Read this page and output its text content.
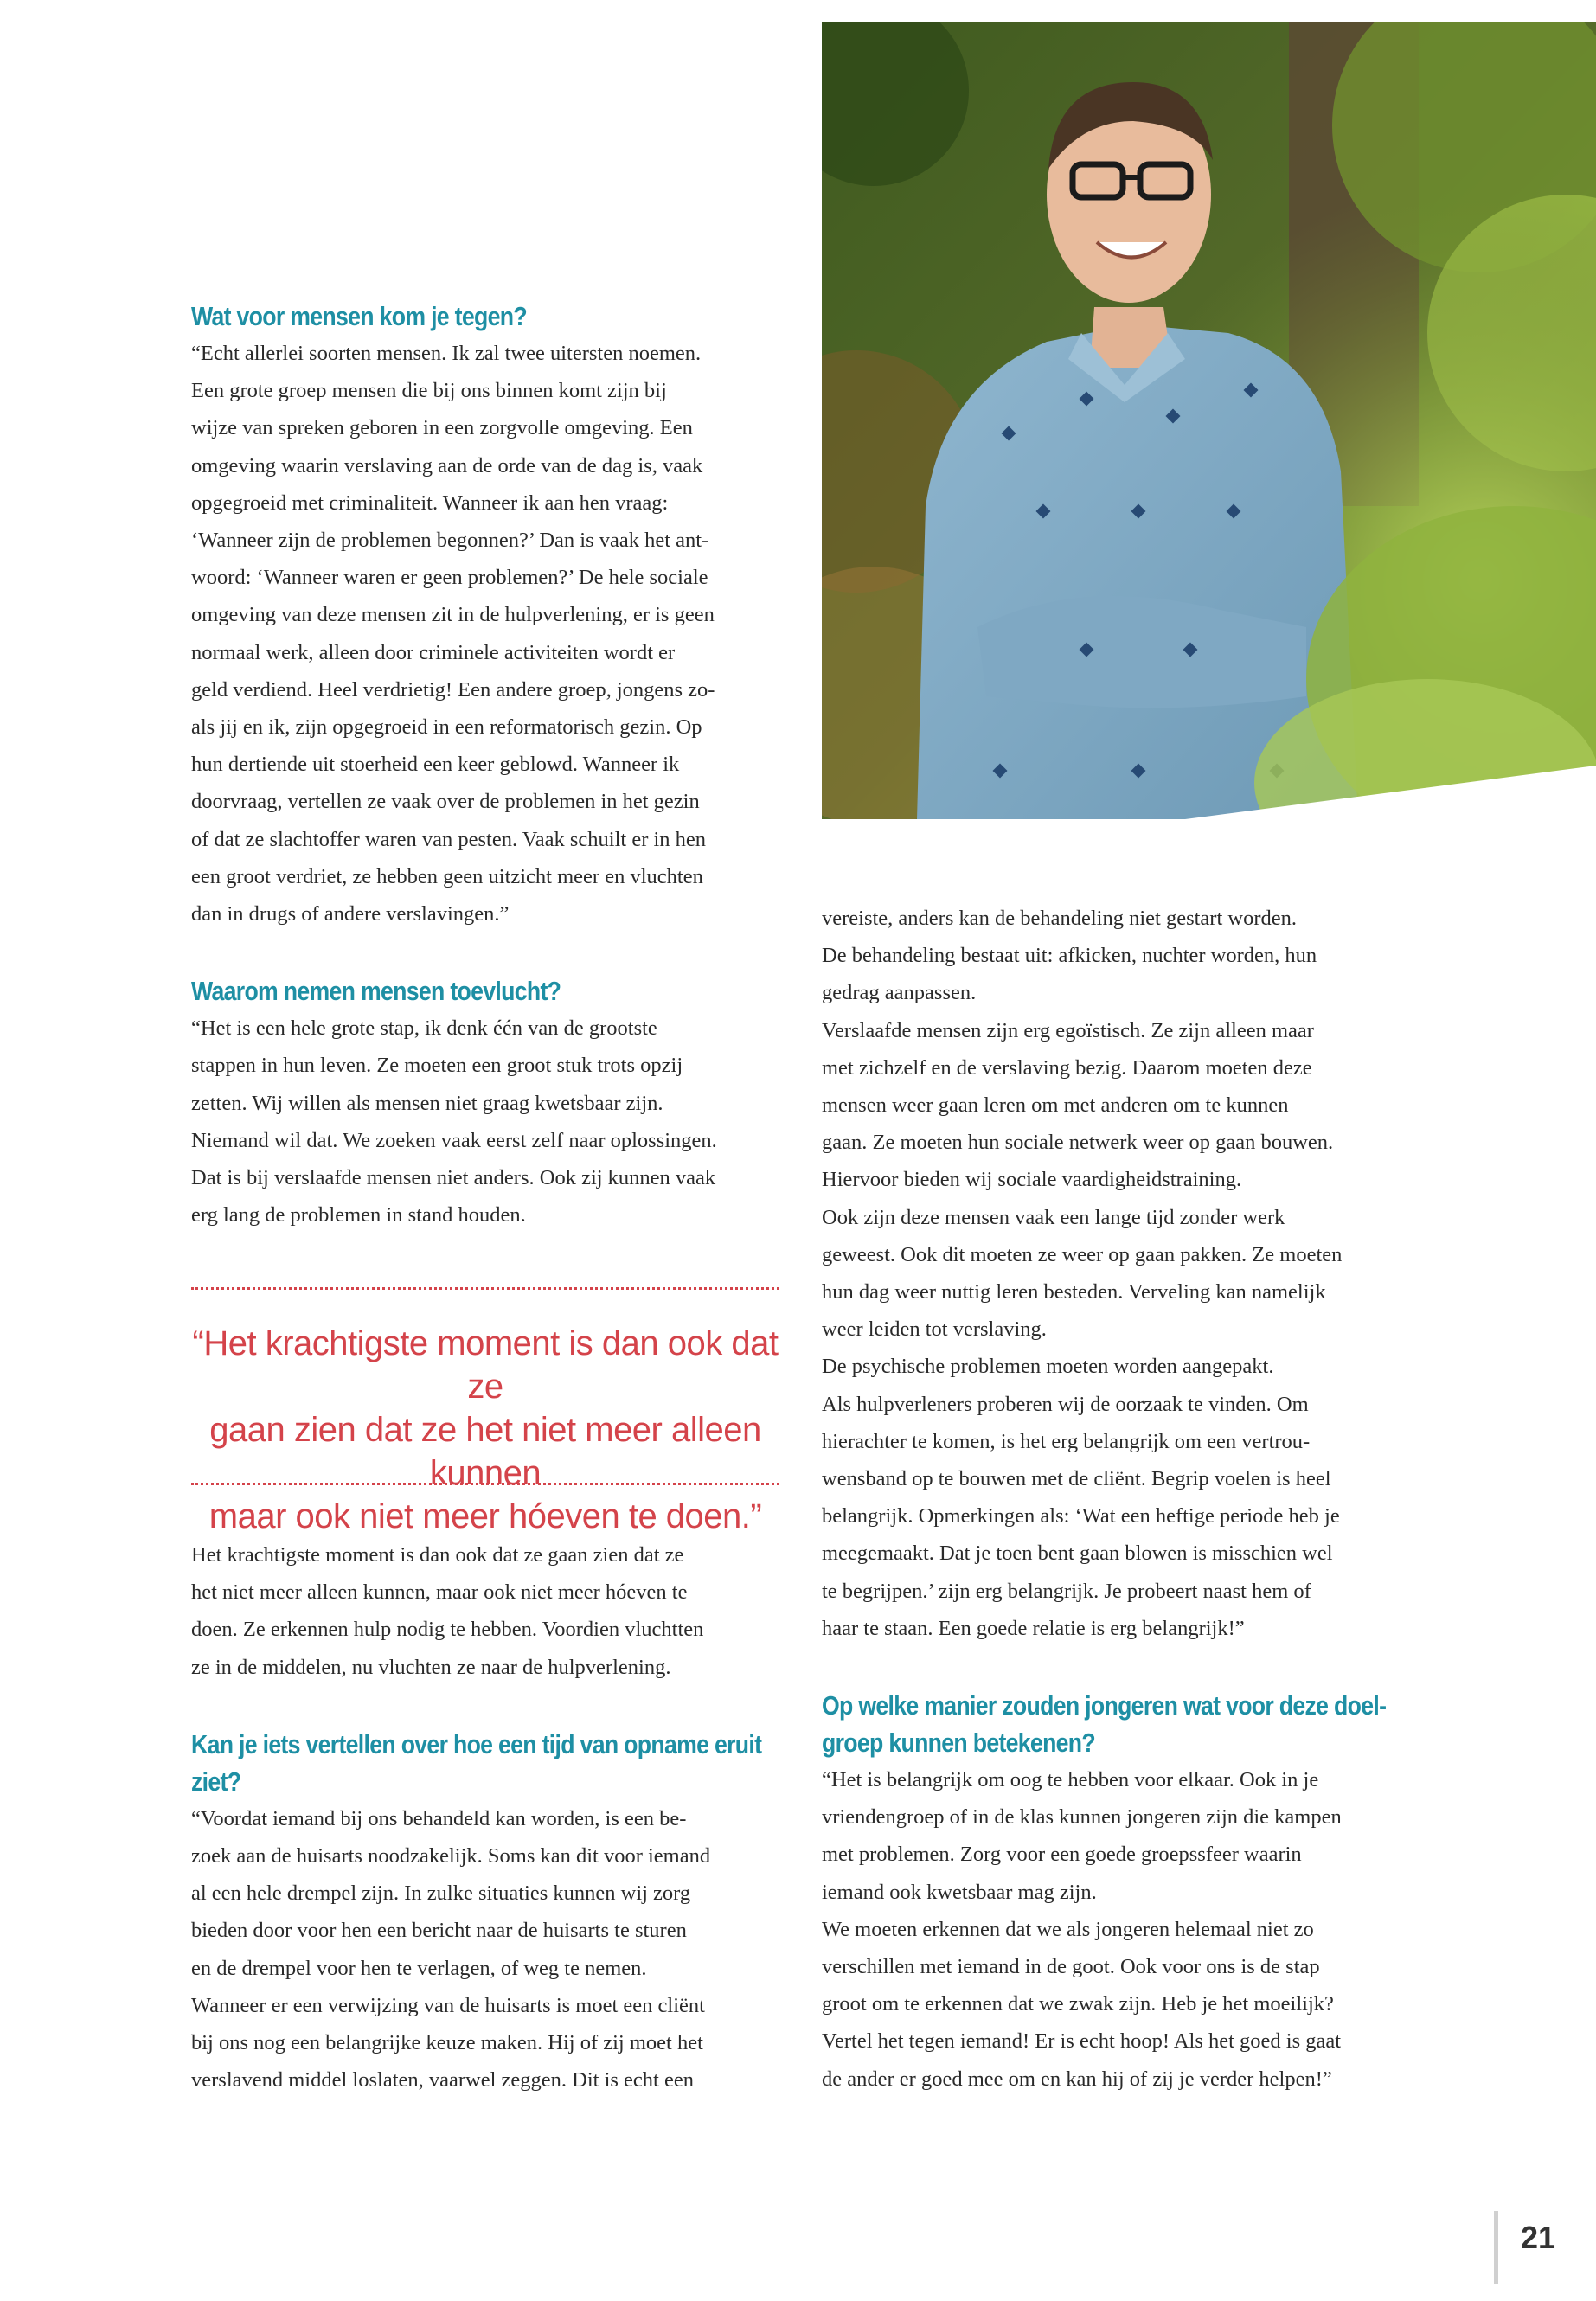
Wat voor mensen kom je tegen?

“Echt allerlei soorten mensen. Ik zal twee uitersten noemen.
Een grote groep mensen die bij ons binnen komt zijn bij
wijze van spreken geboren in een zorgvolle omgeving. Een
omgeving waarin verslaving aan de orde van de dag is, vaak
opgegroeid met criminaliteit. Wanneer ik aan hen vraag:
‘Wanneer zijn de problemen begonnen?’ Dan is vaak het ant-
woord: ‘Wanneer waren er geen problemen?’ De hele sociale
omgeving van deze mensen zit in de hulpverlening, er is geen
normaal werk, alleen door criminele activiteiten wordt er
geld verdiend. Heel verdrietig! Een andere groep, jongens zo-
als jij en ik, zijn opgegroeid in een reformatorisch gezin. Op
hun dertiende uit stoerheid een keer geblowd. Wanneer ik
doorvraag, vertellen ze vaak over de problemen in het gezin
of dat ze slachtoffer waren van pesten. Vaak schuilt er in hen
een groot verdriet, ze hebben geen uitzicht meer en vluchten
dan in drugs of andere verslavingen.”

Waarom nemen mensen toevlucht?

“Het is een hele grote stap, ik denk één van de grootste
stappen in hun leven. Ze moeten een groot stuk trots opzij
zetten. Wij willen als mensen niet graag kwetsbaar zijn.
Niemand wil dat. We zoeken vaak eerst zelf naar oplossingen.
Dat is bij verslaafde mensen niet anders. Ook zij kunnen vaak
erg lang de problemen in stand houden.

“Het krachtigste moment is dan ook dat ze
gaan zien dat ze het niet meer alleen kunnen
maar ook niet meer hóeven te doen.”

Het krachtigste moment is dan ook dat ze gaan zien dat ze
het niet meer alleen kunnen, maar ook niet meer hóeven te
doen. Ze erkennen hulp nodig te hebben. Voordien vluchtten
ze in de middelen, nu vluchten ze naar de hulpverlening.

Kan je iets vertellen over hoe een tijd van opname eruit
ziet?

“Voordat iemand bij ons behandeld kan worden, is een be-
zoek aan de huisarts noodzakelijk. Soms kan dit voor iemand
al een hele drempel zijn. In zulke situaties kunnen wij zorg
bieden door voor hen een bericht naar de huisarts te sturen
en de drempel voor hen te verlagen, of weg te nemen.
Wanneer er een verwijzing van de huisarts is moet een cliënt
bij ons nog een belangrijke keuze maken. Hij of zij moet het
verslavend middel loslaten, vaarwel zeggen. Dit is echt een

vereiste, anders kan de behandeling niet gestart worden.
De behandeling bestaat uit: afkicken, nuchter worden, hun
gedrag aanpassen.
Verslaafde mensen zijn erg egoïstisch. Ze zijn alleen maar
met zichzelf en de verslaving bezig. Daarom moeten deze
mensen weer gaan leren om met anderen om te kunnen
gaan. Ze moeten hun sociale netwerk weer op gaan bouwen.
Hiervoor bieden wij sociale vaardigheidstraining.
Ook zijn deze mensen vaak een lange tijd zonder werk
geweest. Ook dit moeten ze weer op gaan pakken. Ze moeten
hun dag weer nuttig leren besteden. Verveling kan namelijk
weer leiden tot verslaving.
De psychische problemen moeten worden aangepakt.
Als hulpverleners proberen wij de oorzaak te vinden. Om
hierachter te komen, is het erg belangrijk om een vertrou-
wensband op te bouwen met de cliënt. Begrip voelen is heel
belangrijk. Opmerkingen als: ‘Wat een heftige periode heb je
meegemaakt. Dat je toen bent gaan blowen is misschien wel
te begrijpen.’ zijn erg belangrijk. Je probeert naast hem of
haar te staan. Een goede relatie is erg belangrijk!”

Op welke manier zouden jongeren wat voor deze doel-
groep kunnen betekenen?

“Het is belangrijk om oog te hebben voor elkaar. Ook in je
vriendengroep of in de klas kunnen jongeren zijn die kampen
met problemen. Zorg voor een goede groepssfeer waarin
iemand ook kwetsbaar mag zijn.
We moeten erkennen dat we als jongeren helemaal niet zo
verschillen met iemand in de goot. Ook voor ons is de stap
groot om te erkennen dat we zwak zijn. Heb je het moeilijk?
Vertel het tegen iemand! Er is echt hoop! Als het goed is gaat
de ander er goed mee om en kan hij of zij je verder helpen!”

21
